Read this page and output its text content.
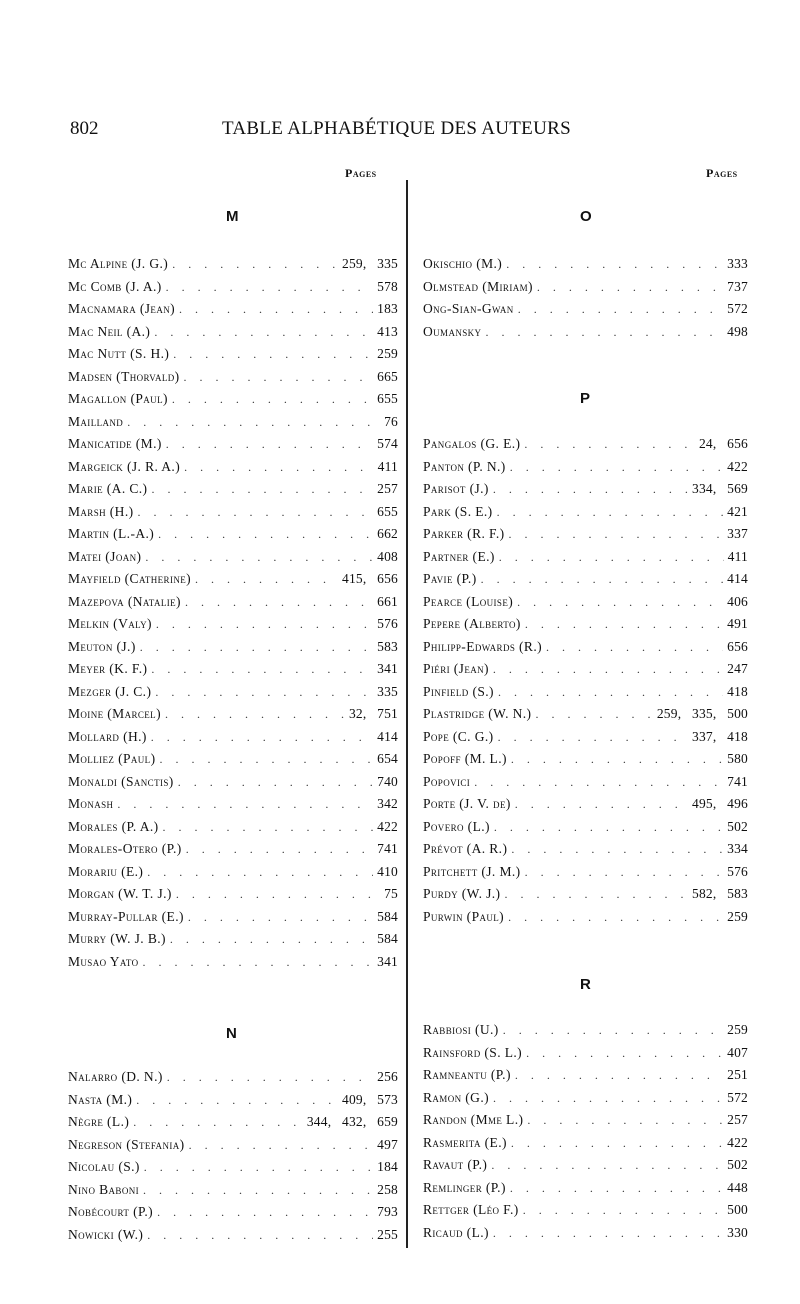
802	TABLE ALPHABÉTIQUE DES AUTEURS
Pages	Pages
M
Mc Alpine (J. G.) . . .	259,   335
Mc Comb (J. A.) . . .	578
Macnamara (Jean) . . .	183
Mac Neil (A.) . . .	413
Mac Nutt (S. H.) . . .	259
Madsen (Thorvald) . . .	665
Magallon (Paul) . . .	655
Mailland . . .	76
Manicatide (M.) . . .	574
Margeick (J. R. A.) . . .	411
Marie (A. C.) . . .	257
Marsh (H.) . . .	655
Martin (L.-A.) . . .	662
Matei (Joan) . . .	408
Mayfield (Catherine) . . .	415,   656
Mazepova (Natalie) . . .	661
Melkin (Valy) . . .	576
Meuton (J.) . . .	583
Meyer (K. F.) . . .	341
Mezger (J. C.) . . .	335
Moine (Marcel) . . .	32,   751
Mollard (H.) . . .	414
Molliez (Paul) . . .	654
Monaldi (Sanctis) . . .	740
Monash . . .	342
Morales (P. A.) . . .	422
Morales-Otero (P.) . . .	741
Morariu (E.) . . .	410
Morgan (W. T. J.) . . .	75
Murray-Pullar (E.) . . .	584
Murry (W. J. B.) . . .	584
Musao Yato . . .	341
N
Nalarro (D. N.) . . .	256
Nasta (M.) . . .	409,   573
Nègre (L.) . . .	344,   432,   659
Negreson (Stefania) . . .	497
Nicolau (S.) . . .	184
Nino Baboni . . .	258
Nobécourt (P.) . . .	793
Nowicki (W.) . . .	255
O
Okischio (M.) . . .	333
Olmstead (Miriam) . . .	737
Ong-Sian-Gwan . . .	572
Oumansky . . .	498
P
Pangalos (G. E.) . . .	24,   656
Panton (P. N.) . . .	422
Parisot (J.) . . .	334,   569
Park (S. E.) . . .	421
Parker (R. F.) . . .	337
Partner (E.) . . .	411
Pavie (P.) . . .	414
Pearce (Louise) . . .	406
Pepere (Alberto) . . .	491
Philipp-Edwards (R.) . . .	656
Piéri (Jean) . . .	247
Pinfield (S.) . . .	418
Plastridge (W. N.) . . .	259,   335,   500
Pope (C. G.) . . .	337,   418
Popoff (M. L.) . . .	580
Popovici . . .	741
Porte (J. V. de) . . .	495,   496
Povero (L.) . . .	502
Prévot (A. R.) . . .	334
Pritchett (J. M.) . . .	576
Purdy (W. J.) . . .	582,   583
Purwin (Paul) . . .	259
R
Rabbiosi (U.) . . .	259
Rainsford (S. L.) . . .	407
Ramneantu (P.) . . .	251
Ramon (G.) . . .	572
Randon (Mme L.) . . .	257
Rasmerita (E.) . . .	422
Ravaut (P.) . . .	502
Remlinger (P.) . . .	448
Rettger (Léo F.) . . .	500
Ricaud (L.) . . .	330
